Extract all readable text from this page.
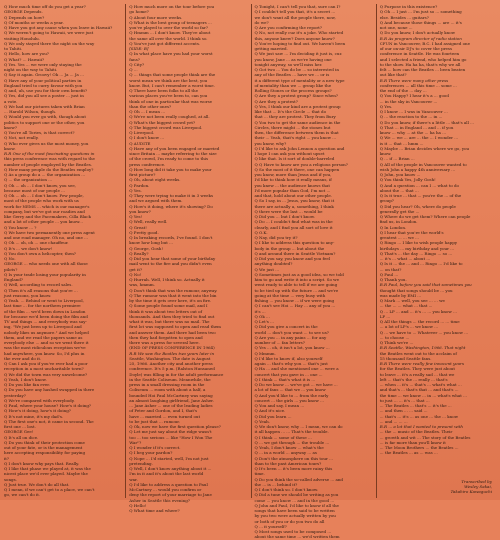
Q How much time off do you get a year?
GEORGE Depends.
Q Depends on how?
Q Of months or weeks a year.
Q Have you got any cause when you leave in Hawaii?
Q We weren't going to Hawaii, we were just
visiting Honolulu.
Q We only stayed there the night on the way
to Tahiti.
Q Hello, how are you?
Q What? ... Hawaii?
Q Yes. Yes ... we were only staying the
night on the way to Tahiti.
Q Say it again. Groovy! Ok ... Ja ... Ja ...
Q Have any of your political parties in
England tried to curry favour with you
Q and, uh, use you for their own benefit?
Q Yes, did you all see a poster ... just in
a vote.
Q We had our pictures taken with Brian
... Harold Wilson, though.
Q Would you ever go with, though about
politics to support one or the other, you
know?
Q You're all Tories, is that correct?
Q Not, not really.
Q Who ever gives us the most money, you
know.
R.R One of the most fascinating questions in
this press conference was with regard to the
number of people employed by the Beatles.
Q How many people do the Beatles employ?
Q As a group do a ... the organization ...
Q ... the organization ...
Q Oh ... oh ... I don't know, you see,
because most of our people ...
Q Oh ... oh ... I don't know. Few people,
most of the people who work with us
work for NEMS ... which is our manager's
company, but we've got our roadies and
like Gerry and the Pacemakers, Cilla Black
and a lot of other people ... you know...
Q You know ... ?
Q We have two permanently one press agent
and one road manager. Oh no, and one ...
Q Oh ... oh, oh ... one chauffeur.
Q It's ... we don't know!
Q You don't own a helicopter, then?
Q No.
GEORGE ... who needs one with all those
pilots?
Q Is your trade losing your popularity in
England?
Q Well, according to record sales.
Q Then it's all reasons that you're ...
just reasons, you know.
Q Yeah. ... Behind or went to Liverpool,
last time ... for the northern premiere
of the film ... we'd been down in London
for because we'd been doing the film and
TV and things ... and everybody was say-
ing, "We just been up to Liverpool and
nobody likes us anymore." And we helped
them, and we read the papers same as
everybody else ... and so we went there it
was the most ridiculous reception we've
had anywhere, you know. So, I'd plus in
the ever and do it.
Q Can I ask you if you've ever had a poor
reception in a most uncharitable town?
Q We did the town was very unwelcome?
Q Yeah, I don't know.
Q Do you like fan ever.
Q Do you have any hashed swapped in there
yesterday?
Q We're compared with everybody.
Q Paul, where your house? How's it doing?
Q How's it doing, how's it doing?
Q It's not mine, it's my dad's.
Q The first one's not, it came in second. The
first one ... lost.
GEORGE Gee!
Q It's all on dice.
Q Do you think of their protection come
out of your fate, or is the management
here accepting responsibility for paying
it?
Q I don't know why pays that. Really.
Q I like that phase we played at, it was the
nicest place we'd ever played. Maybe the
songs.
Q Just true. We don't do all that.
Q I mean, if we can't get to a place, we can't
go, we can't do it.
Q How much more on the tour before you
go home?
Q About four more weeks.
Q What is the best group of teenagers ...
you've played to over the world so far?
Q Hmmm ... I don't know. They're about
the same all over the world. I think so.
Q You've just got different accents.
[SIDE: B]
Q In what place have you had your worst
fans?
Q City?
Q ...
Q ... things that some people think are the
worst mean we think are the best, you
know. But, I can't remember a worst time.
Q There have been folks to all the
various places you've been to, can you
think of one in particular that was worse
than the other ones?
Q Oh ... I mean ...
Q We're not been really coughed, at all.
Q What's the biggest crowd yet?
Q The biggest crowd was Liverpool.
Q Liverpool.
Q I don't know ...
Q AUDITE
Q Have any of you been engaged or married
since Britain ... maybe referring to the size
of the crowd, I'm ready to come to this
press conference.
Q How long did it take you to make your
first picture?
Q Oh, about eight weeks.
Q Pardon.
Q Yes.
Q They were trying to make it in 3 weeks
and we argued with them.
Q How's it doing, where it's showing? Do
you know?
Q Yes!
Q Well, really well.
Q Great!
Q Pretty good.
Q In breaking records, I've found. I don't
know how long but ...
Q George, Gosh!
Q Really?
Q Did you hear that some of your birthday
mail went to the fire and you didn't even
get it?
Q No!
Q Hurrah. Well, I think so. Actually it
was, hmmm.
Q Don't think that was the rumour, anyway.
Q The rumour was that it went into the bin
by the time it gets over here, it's on fire.
Q Some people found some mail, and I
think it was about two letters out of
thousands. And then they tried to find out
what it was, but there was no mail. The
first lot was supposed to open and read them
and answer them. And there had been two
then they had forgotten to open and
there was a press for several here.
(END OF PRESS CONFERENCE IN 1964)
R.R We saw the Beatles two years later in
Seattle, Washington. The date is August
25, 1966. Another city and another press
conference. It's 5 p.m. (Ralston Hunsaned
Doyle) was filling in for the adult performance
in the Seattle Coliseum. Meanwhile, the
press in a small dressing room in the
Coliseum ... room with about a half, a
bounded Hoi Paul McCartney was saying
an almost laughing girlfriend, Jane Asher.
... Jane Asher ... one of the leading ladies
of Peter and Gordon, and I, that's
have ... married ... even turned out
to be just that ... rumour.
Q Ok, now we have the first question please?
Q Let me just say about the ridge wasn't
too ... too serious ... like "How I Won The
War"?
Q I wonder if it's correct.
Q I beg your pardon?
Q Nope ... I'd started, well, I'm not just
pretending.
Q Well, I don't know anything about it ...
I'm in it and it's about the last world
war.
Q I'd like to address a question to Paul
McCartney ... would you confirm or
deny the report of your marriage to Jane
Asher in Seattle this evening?
Q Hello!
Q What time and where?
Q Tonight, I can't tell you that, sure can I?
Q I couldn't tell you that, it's a secret ...
we don't want all the people there, now,
do we?
Q Are you confirming the report?
Q No, not really cuz it's a joke. Who started
this, anyone knew? Does anyone know?
Q You're hoping to find out. We haven't been
getting married.
Q We just saw ... I'm deciding it just is, cuz
you know, Jane ... as we're having one
tonight anyway, so we'll miss her.
Q Got two ... You do be ... so interested in
any of the Beatles ... have we ... or is
it a different type of mentality or a new type
of mentality than we ... group like the
Rolling Stones or the process groups?
Q Are they a protest group? Since when?
Q Are they a protest?
Q Yes, I think our kind are a protest group
like that ... It's the Circle ... that do
that ... they are protest. They from Bury
Q You two to get the same audience in the
Circles, there might ... the stones but
then, the difference between them is that
their ... Yeah, that's right ... you know ...
you know, why?
Q I'd like to ask John Lennon a question and
I hope I can ask you without upset
Q like that. Is it sort of double-barreled
Q Q Have to know are you a religious person?
Q So the most of it there, one can happen
you know, more than Jesus and if you,
I'd like to think how it really means, if
you knew ... the audience knows that
I'd more popular than God, I'm not ...
and that, hold about our other people.
Q So I say, in ... Jesus, you know, that it
there are actually a, something, I think
Q there were the last ... would be
Q Did you ... but I don't know.
Q Do ... I couldn't find what was in the
clearly, and I find you all sort of love it
Q O.K.
Q Nay, did you try it?
Q I like to address this question to any-
body in the group ... but about the
Q and around there in Seattle Vietnam?
Q Did you say, you know and you feel
anything doubted?
Q We just ...
Q Sometimes just as a good idea, so we told
him to go and write it into a script. So we
went ready to able to tell if we are going
to be tied up with the future ... and we're
going at the time ... very busy with
fishing ... you know ... if we were going
Q I can't see Hoi ... Hay ... any of you ...
it's ...
Q Ok ...
Q Let's ...
Q Did you give a concert in the
world ... don't you want ... to see us?
Q Are you ... in any pains ... for any
number of ... fan letters?
Q Yes ... oh, it isn't a lot, you know ...
Q Mmmm.
Q I'd like to know if, also yourself
again ... that's why you ... that's just
Q Ha ... and she mentioned one ... were a
concert that you gave in ... one ...
Q I think ... that's what it is ...
Q Do we know ... we've got ... we have ...
a lot of fans ... that we ... you know
Q And you'd like to ... from the early
concert ... the girls ... you know ...
Q You and say, I mean ...
Q And it's nice.
Q Did you learn ...
Q Yeah.
Q We don't know, why ... I mean, we can do
it all happen ... ... That's the trouble.
Q I think ... some of these ...
Q ... we got through ... the trouble ...
Q Yeah, I don't know ... what's the
Q ... in a world ... anyway ... as
Q Don't the atmosphere on this tour ...
than to the past American tours?
Q It's been ... it's been more rainy this
time.
Q Do you think the so-called adverse ... and
the ... is ... behind it?
Q I don't think so. I don't know.
Q Did a tune we should be writing as you
come ... you know ... and in the good ...
Q John and Paul, I'd like to know if all the
songs that have been said to be written
by you two were actually written by you
or both of you or do you two do all
Q ... it yourself?
Q Most songs used to be composed ...
about the same time ... we'd written them
Q Purpose in this existence?
Q Oh ... I just ... I'm just so ... something
else. Besides ... guitars?
Q And because those things ... are ... it's
not one, none ...
Q Do you know, I don't actually know
R.R As program director of radio station
CFUN in Vancouver, B.C. I had assigned one
of our on-air DJ's to cover the press
conference in Seattle. He was fourteen
and I selected a friend, who helped him go
to the show. Ha ha ha, that's why we all
felt ... how can the Beatles ... been beaten
out like that?
R.R There were many other press
conferences ... all this time ... some ...
the end of the ... day ...
Q You Happy? I hear it's a ... good
... in the sky in Vancouver ...
Q Yes.
Q I know ... I was in Vancouver ...
Q ... the reaction to the ... in ...
Q Do you know, if there's a little ... that's all ...
Q That ... in England ... and ... if you
know ... why ... at the ... ha ha ...
Q We ... we ... are ... the ... I wonder ...
is it ... that ... hmm ...
Q Maybe ... Brian decides where we go, you
know.
Q ... if ... Brian ...
Q All of the people in Vancouver wanted to
wish John a happy 4th anniversary ...
Q John, you know ...
Q You think Yes, Jolly Gosh!
Q And a question ... can I ... what to do
about the ... that ...
Q Is it true ... that ... you're the ... of the
group?
Q Did you hear? Oh, where do people
generally get the ...
Q Where do we get them? Where can people
find us, in London.
Q In London.
Q I hear that you're the world's
greatest ... ... we ...
Q Ringo ... I like to wish people happy
birthdays ... my birthday and your ...
Q That's ... the day ... Ringo ... so ...
... it's ... what ... about ...
Q Is it ... the ... and ... Ringo ... I'd like to
... on that?
Q Paul ...
Q Thank you.
R.R Paul, before you said that sometimes you
thought that songs should be ... you
was made by EMI ...
Q Mark ... well, you see ... ... we
... the ... ... what ... that ...
Q ... LP ... and ... it's ... ... you know ...
LP ...
Q All the things ... the record ... ... time
... a lot of LP's ... we know ...
Q ... we have to ... Whatever ... you know ...
... to choose ...
Q Think we're ...
R.R Seattle, Washington, 1966. That night
the Beatles went out to the acclaim of
15 thousand Seattle fans.
R.R There were really few innocent years
for the Beatles. They were just about
to leave ... it's a really sad ... that we
left ... that's the ... really ... that's
... when ... it's ... that's ... what's what ...
and that's ... that's that ... and that's ...
the time ... we know ... in ... what's what ...
to just ... ... it's ... that ...
... The Beatles ... that's ... it's the ...
... and then ... ... said ...
... that's ... it's ... as one ... the ... know
... and ... ... ...
R.R ... a lot that I wanted to present with
... the ... music of the Beatles. Their
... growth and wit ... The story of the Beatles
... is far more than you'll know it
... The Moon Brothers ... the Beatles ...
... the Beatles ... as ... was ...
Transcribed by
Wesley Sakai,
Takahiro Kawaguchi
